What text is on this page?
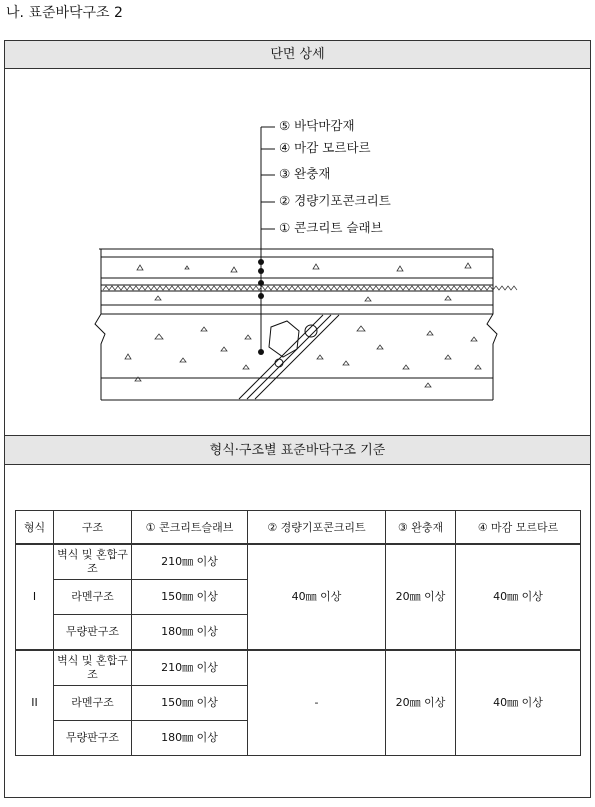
나. 표준바닥구조 2
단면 상세
⑤ 바닥마감재
④ 마감 모르타르
③ 완충재
② 경량기포콘크리트
① 콘크리트 슬래브
형식·구조별 표준바닥구조 기준
형식	구조	① 콘크리트슬래브	② 경량기포콘크리트	③ 완충재	④ 마감 모르타르
I	벽식 및 혼합구조	210㎜ 이상	40㎜ 이상	20㎜ 이상	40㎜ 이상
	라멘구조	150㎜ 이상			
	무량판구조	180㎜ 이상			
II	벽식 및 혼합구조	210㎜ 이상	-	20㎜ 이상	40㎜ 이상
	라멘구조	150㎜ 이상			
	무량판구조	180㎜ 이상			
